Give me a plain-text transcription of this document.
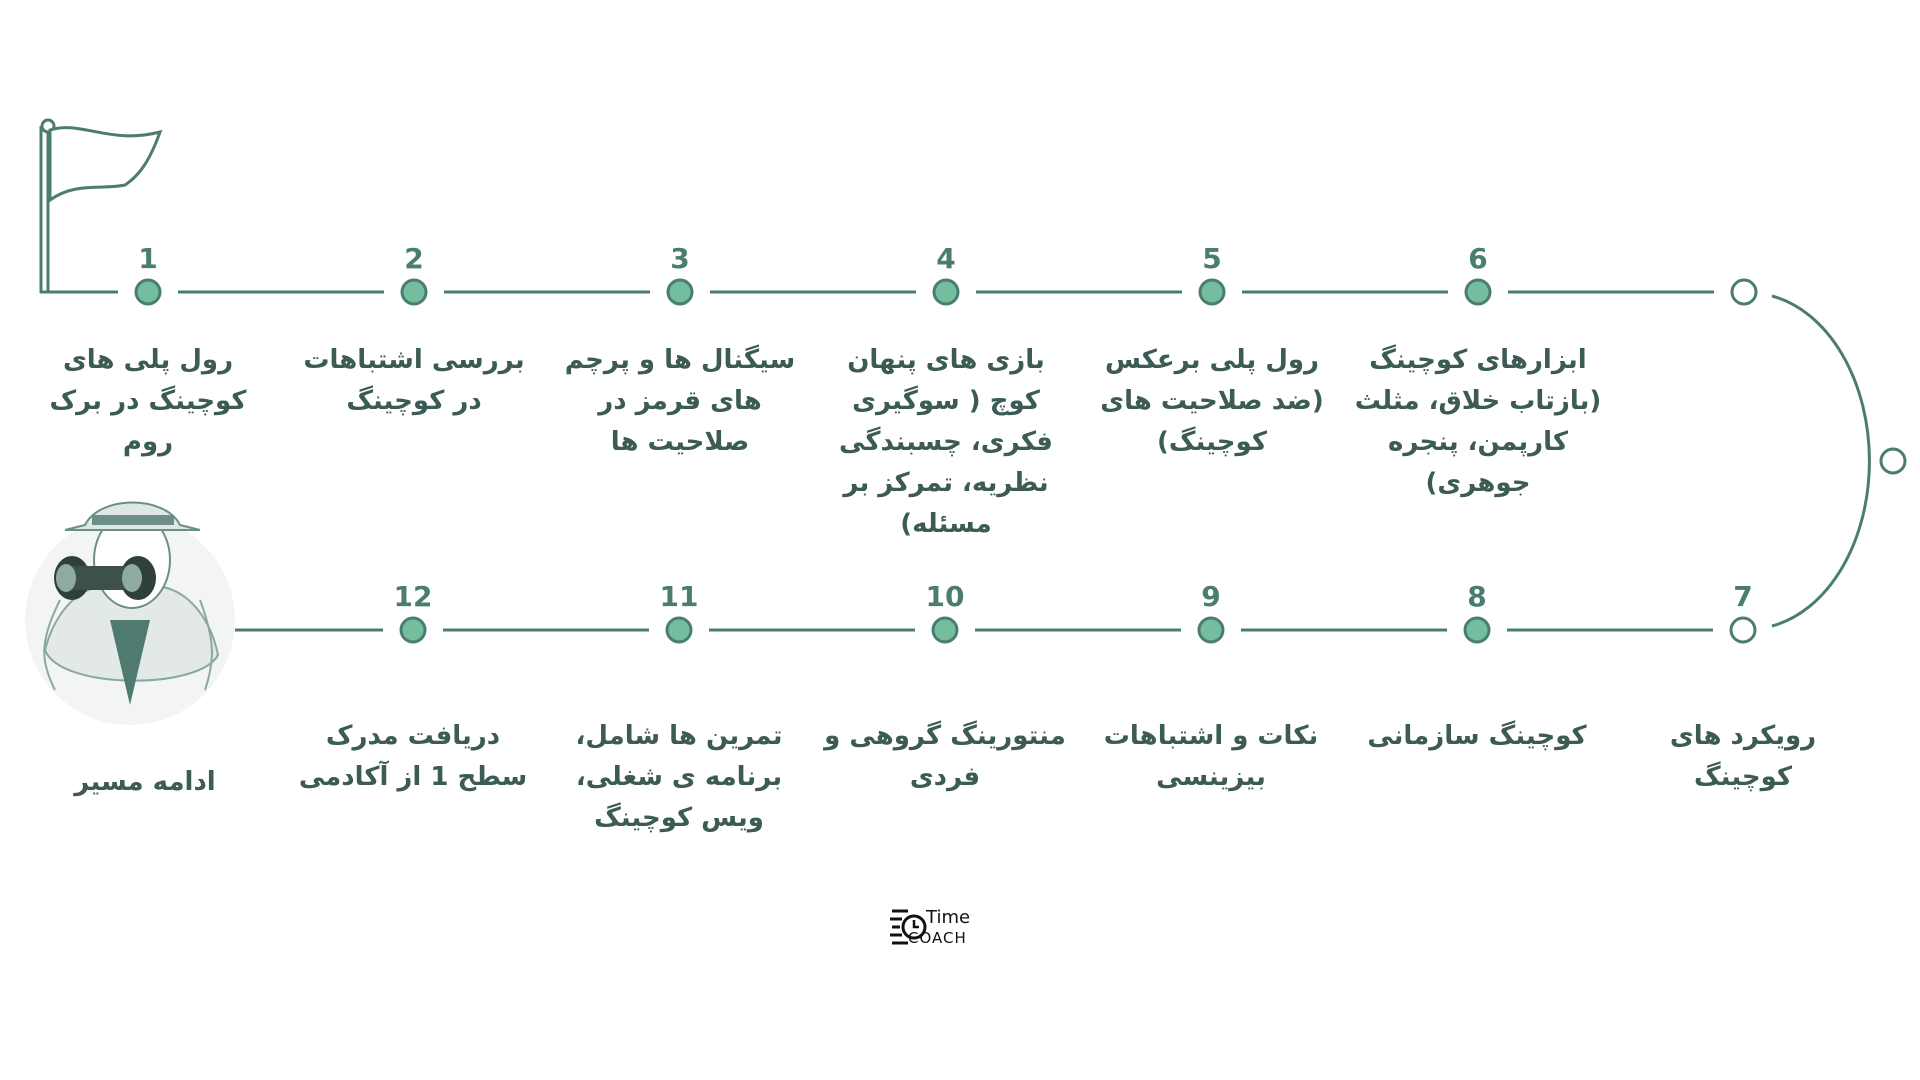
Time
COACH
1
رول پلی های کوچینگ در برک روم
2
بررسی اشتباهات در کوچینگ
3
سیگنال ها و پرچم های قرمز در صلاحیت ها
4
بازی های پنهان کوچ ( سوگیری فکری، چسبندگی نظریه، تمرکز بر مسئله)
5
رول پلی برعکس (ضد صلاحیت های کوچینگ)
6
ابزارهای کوچینگ (بازتاب خلاق، مثلث کارپمن، پنجره جوهری)
7
رویکرد های کوچینگ
8
کوچینگ سازمانی
9
نکات و اشتباهات بیزینسی
10
منتورینگ گروهی و فردی
11
تمرین ها شامل، برنامه ی شغلی، ویس کوچینگ
12
دریافت مدرک سطح 1 از آکادمی
ادامه مسیر
